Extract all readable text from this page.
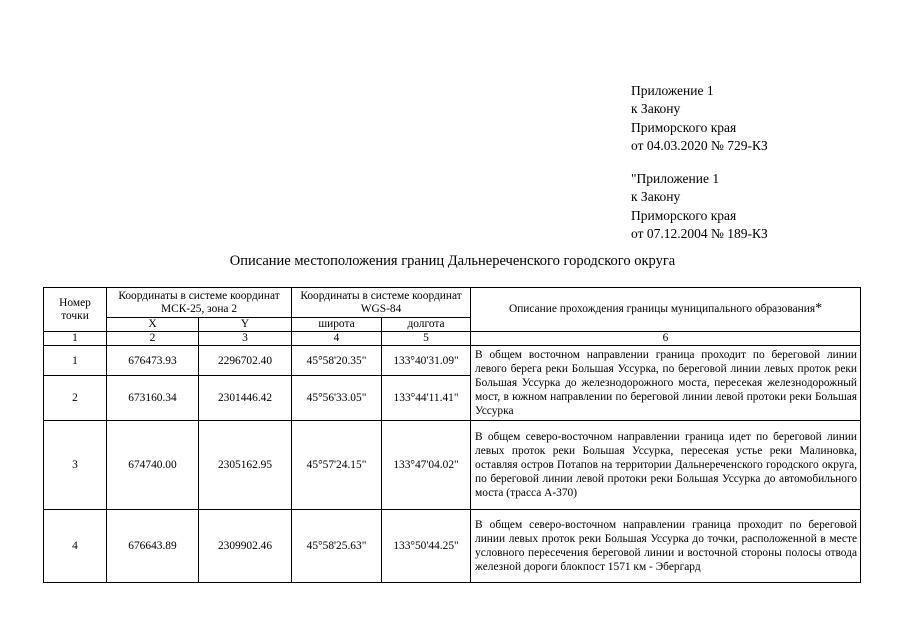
Приложение 1
к Закону
Приморского края
от 04.03.2020 № 729-КЗ
"Приложение 1
к Закону
Приморского края
от 07.12.2004 № 189-КЗ
Описание местоположения границ Дальнереченского городского округа
Номер точки	Координаты в системе координат МСК-25, зона 2		Координаты в системе координат WGS-84		Описание прохождения границы муниципального образования*
	X	Y	широта	долгота	
1	2	3	4	5	6
1	676473.93	2296702.40	45°58'20.35"	133°40'31.09"	В общем восточном направлении граница проходит по береговой линии левого берега реки Большая Уссурка, по береговой линии левых проток реки Большая Уссурка до железнодорожного моста, пересекая железнодорожный мост, в южном направлении по береговой линии левой протоки реки Большая Уссурка
2	673160.34	2301446.42	45°56'33.05"	133°44'11.41"	
3	674740.00	2305162.95	45°57'24.15"	133°47'04.02"	В общем северо-восточном направлении граница идет по береговой линии левых проток реки Большая Уссурка, пересекая устье реки Малиновка, оставляя остров Потапов на территории Дальнереченского городского округа, по береговой линии левой протоки реки Большая Уссурка до автомобильного моста (трасса А-370)
4	676643.89	2309902.46	45°58'25.63"	133°50'44.25"	В общем северо-восточном направлении граница проходит по береговой линии левых проток реки Большая Уссурка до точки, расположенной в месте условного пересечения береговой линии и восточной стороны полосы отвода железной дороги блокпост 1571 км - Эбергард
